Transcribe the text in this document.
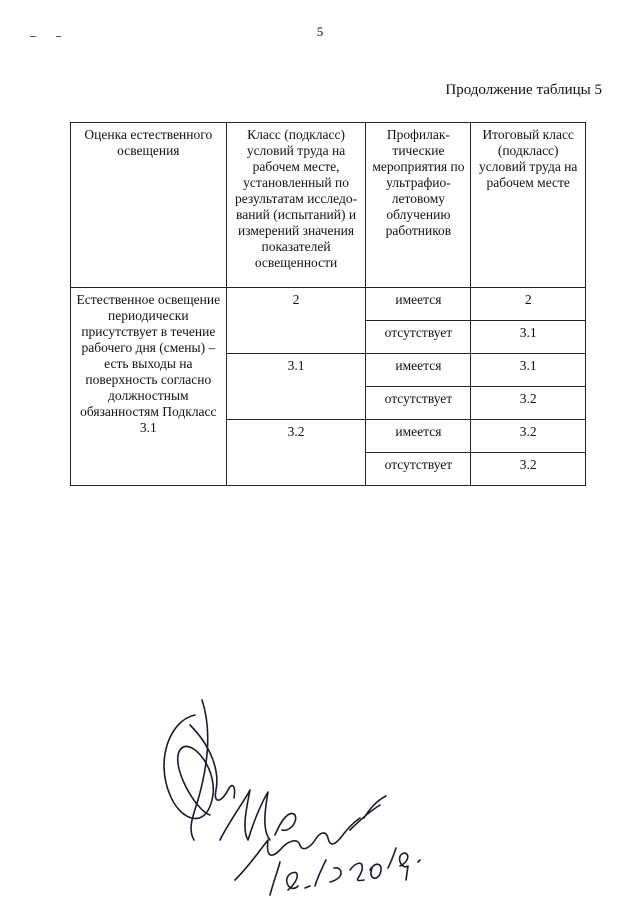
5
Продолжение таблицы 5
Оценка естественного освещения	Класс (подкласс) условий труда на рабочем месте, установленный по результатам исследо- ваний (испытаний) и измерений значения показателей освещенности	Профилак- тические мероприятия по ультрафио- летовому облучению работников	Итоговый класс (подкласс) условий труда на рабочем месте
Естественное освещение периодически присутствует в течение рабочего дня (смены) – есть выходы на поверхность согласно должностным обязанностям Подкласс 3.1	2	имеется	2
		отсутствует	3.1
	3.1	имеется	3.1
		отсутствует	3.2
	3.2	имеется	3.2
		отсутствует	3.2
